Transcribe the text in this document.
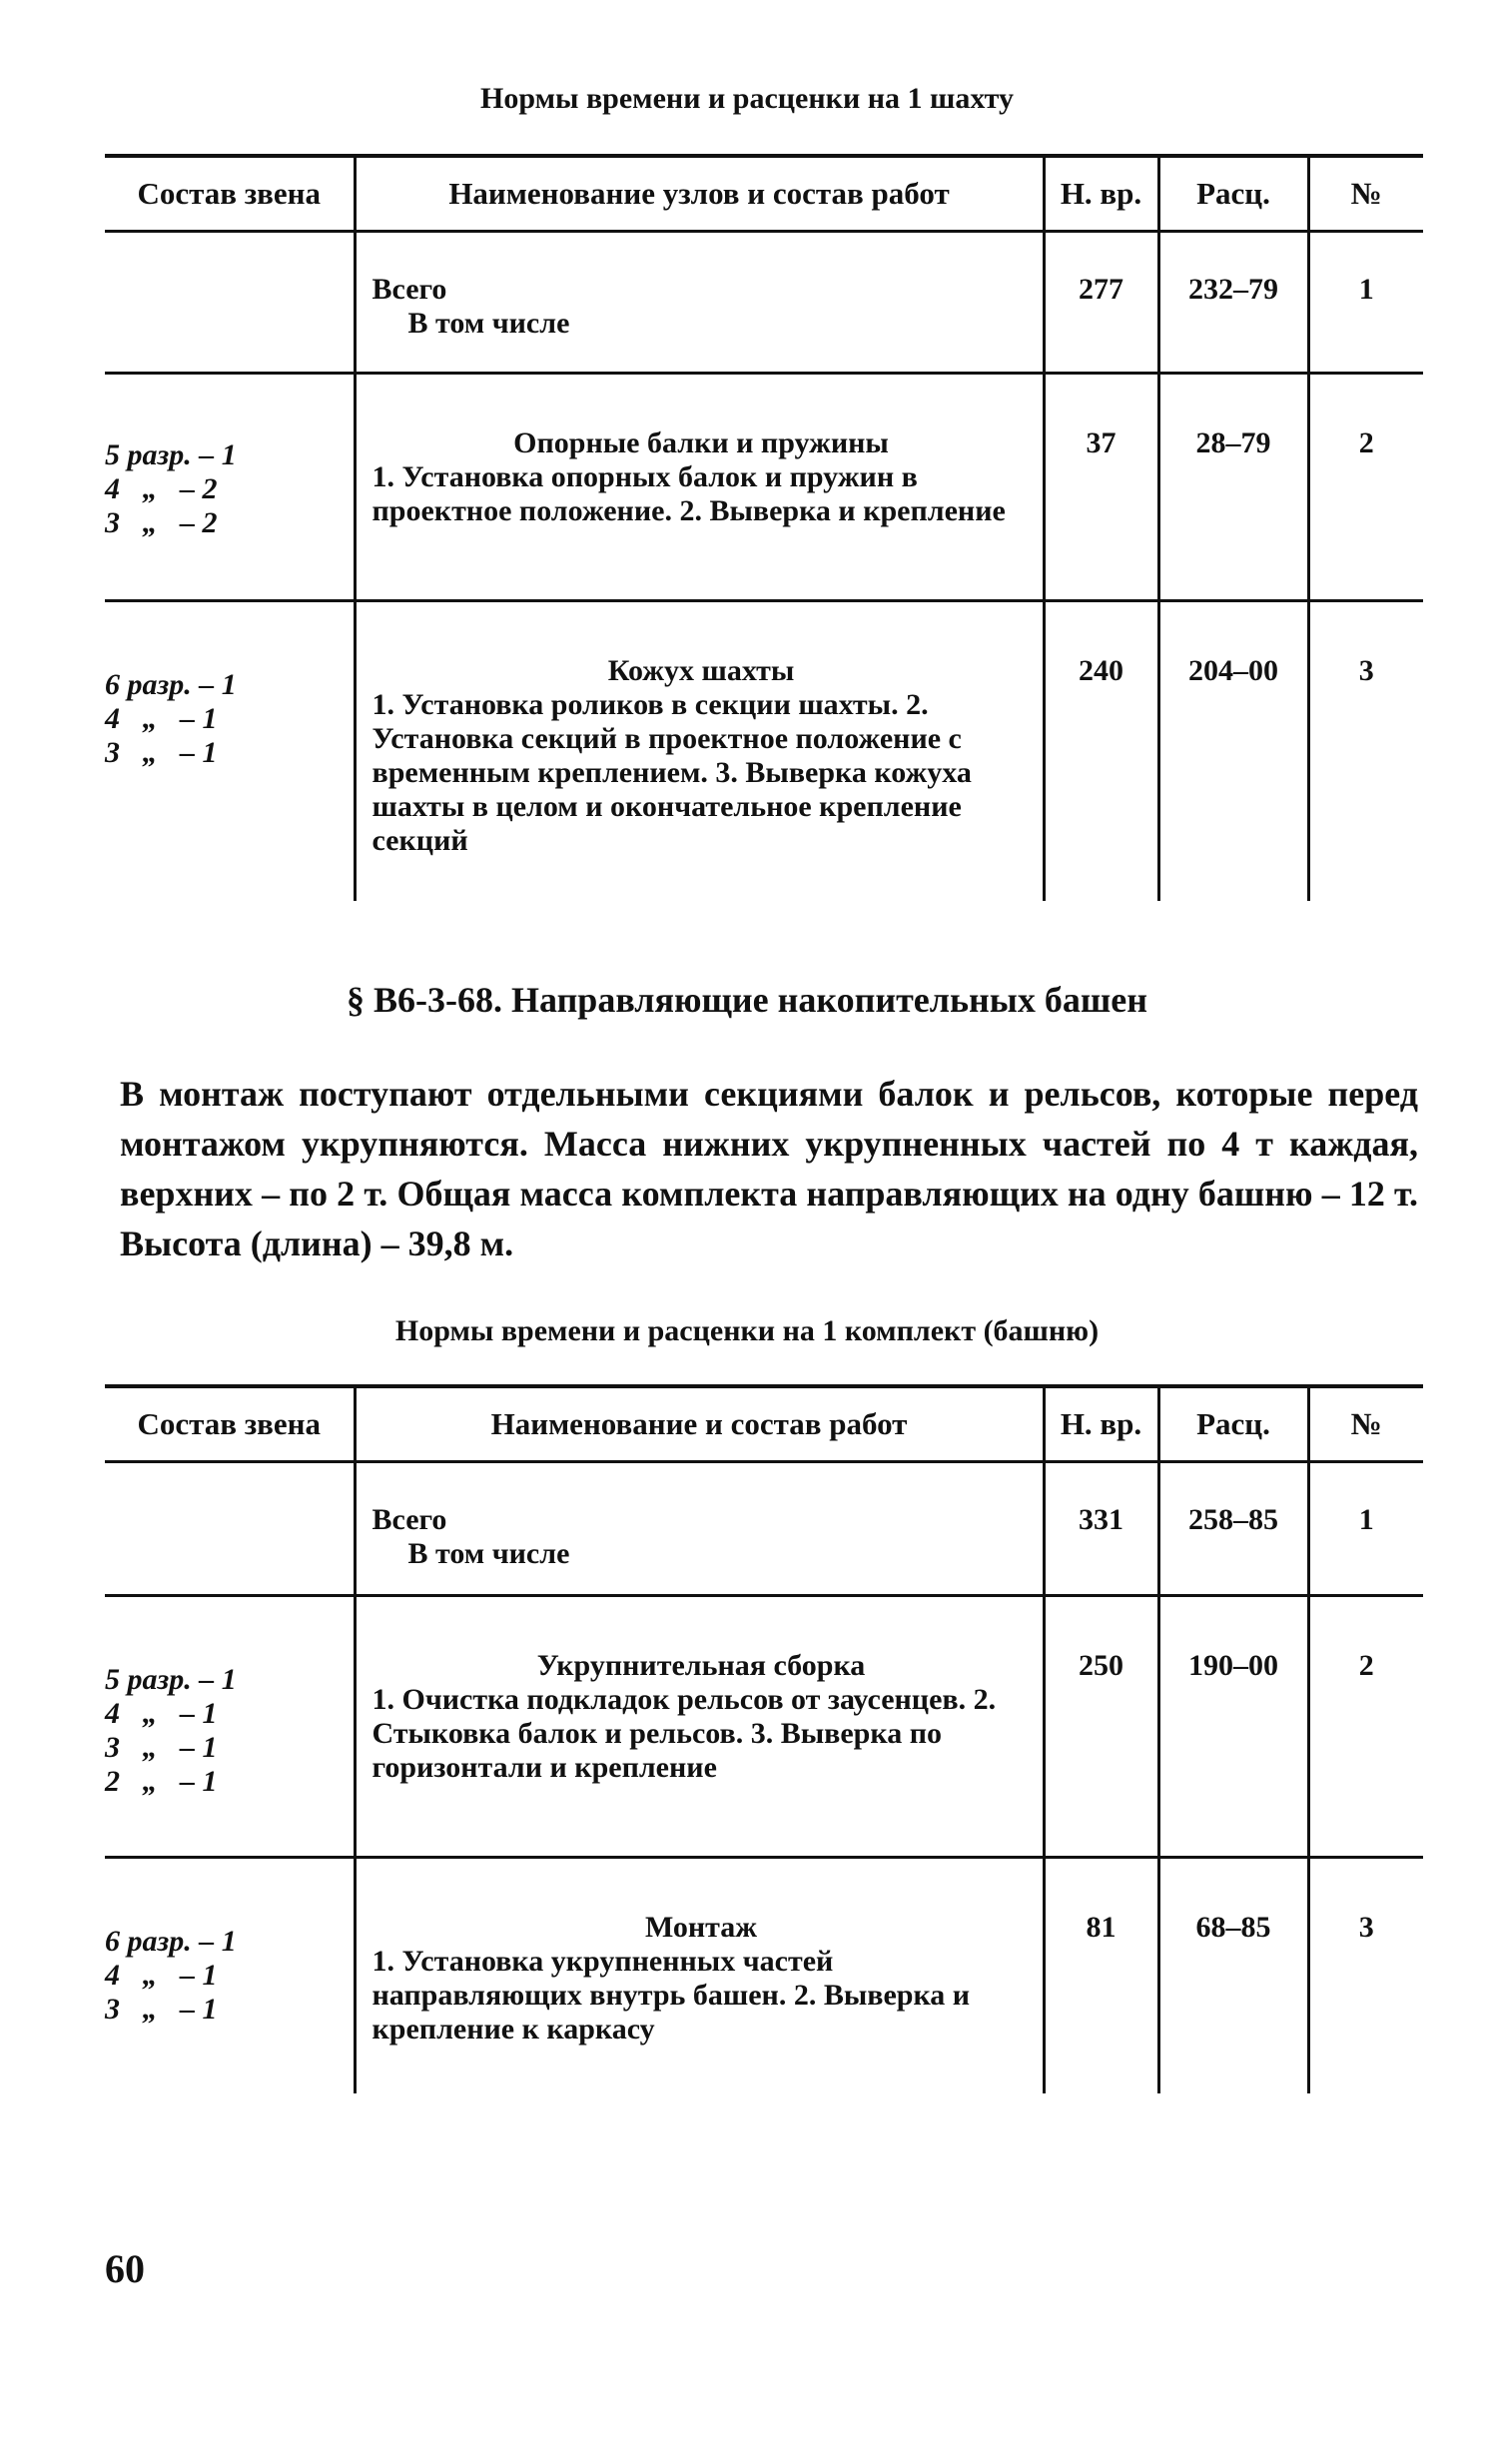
Нормы времени и расценки на 1 шахту
Состав звена	Наименование узлов и состав работ	Н. вр.	Расц.	№

	Всего
В том числе	277	232–79	1

5 разр. – 1
4   „   – 2
3   „   – 2	Опорные балки и пружины
1. Установка опорных балок и пружин в проектное положение. 2. Выверка и крепление	37	28–79	2

6 разр. – 1
4   „   – 1
3   „   – 1	Кожух шахты
1. Установка роликов в секции шахты. 2. Установка секций в проектное положение с временным креплением. 3. Выверка кожуха шахты в целом и окончательное крепление секций	240	204–00	3
§ В6-3-68. Направляющие накопительных башен

В монтаж поступают отдельными секциями балок и рельсов, которые перед монтажом укрупняются. Масса нижних укрупненных частей по 4 т каждая, верхних – по 2 т. Общая масса комплекта направляющих на одну башню – 12 т. Высота (длина) – 39,8 м.

Нормы времени и расценки на 1 комплект (башню)
Состав звена	Наименование и состав работ	Н. вр.	Расц.	№

	Всего
В том числе	331	258–85	1

5 разр. – 1
4   „   – 1
3   „   – 1
2   „   – 1	Укрупнительная сборка
1. Очистка подкладок рельсов от заусенцев. 2. Стыковка балок и рельсов. 3. Выверка по горизонтали и крепление	250	190–00	2

6 разр. – 1
4   „   – 1
3   „   – 1	Монтаж
1. Установка укрупненных частей направляющих внутрь башен. 2. Выверка и крепление к каркасу	81	68–85	3
60
